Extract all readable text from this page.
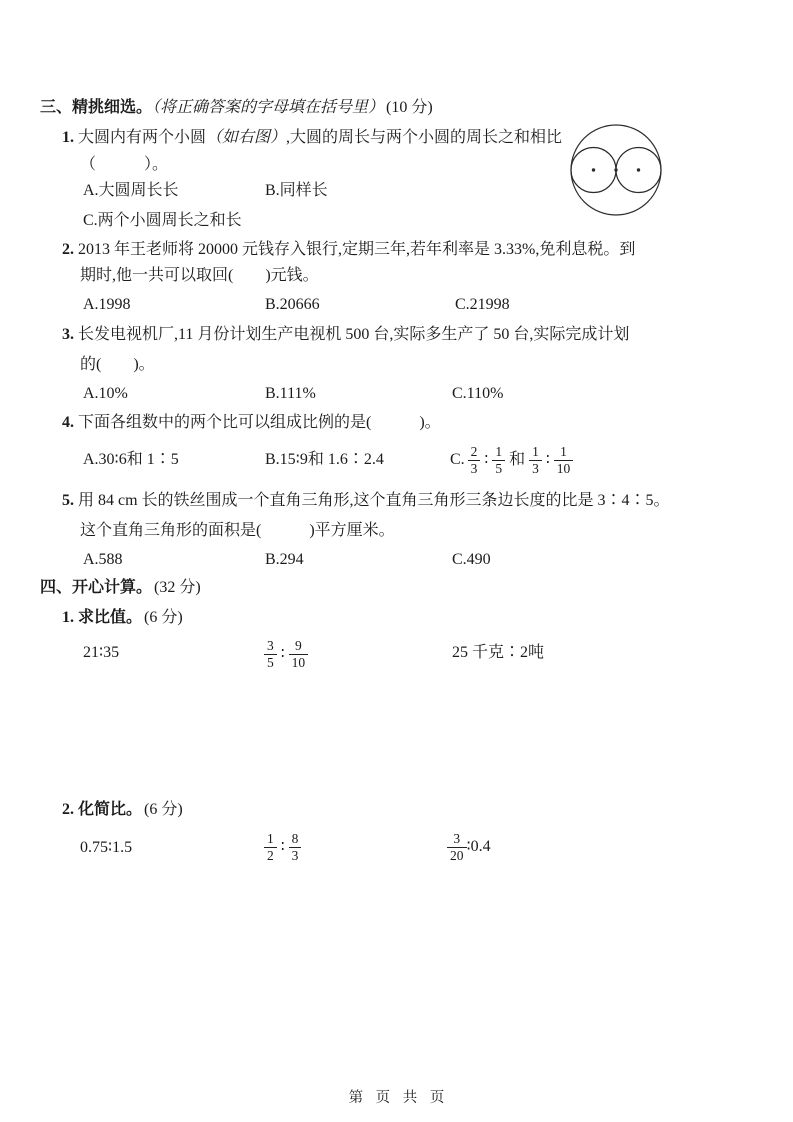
三、精挑细选。（将正确答案的字母填在括号里） (10 分)
1. 大圆内有两个小圆（如右图）,大圆的周长与两个小圆的周长之和相比
（　　　）。
A.大圆周长长	B.同样长
C.两个小圆周长之和长
2. 2013 年王老师将 20000 元钱存入银行,定期三年,若年利率是 3.33%,免利息税。到
期时,他一共可以取回(　　)元钱。
A.1998	B.20666	C.21998
3. 长发电视机厂,11 月份计划生产电视机 500 台,实际多生产了 50 台,实际完成计划
的(　　)。
A.10%	B.111%	C.110%
4. 下面各组数中的两个比可以组成比例的是(　　　)。
A.30∶6和 1∶5	B.15∶9和 1.6∶2.4	C. $\frac{2}{3}$ ∶ $\frac{1}{5}$ 和 $\frac{1}{3}$ ∶ $\frac{1}{10}$
5. 用 84 cm 长的铁丝围成一个直角三角形,这个直角三角形三条边长度的比是 3∶4∶5。
这个直角三角形的面积是(　　　)平方厘米。
A.588	B.294	C.490
四、开心计算。 (32 分)
1. 求比值。 (6 分)
21∶35	$\frac{3}{5}$ ∶ $\frac{9}{10}$	25 千克∶2吨
2. 化简比。 (6 分)
0.75∶1.5	$\frac{1}{2}$ ∶ $\frac{8}{3}$	$\frac{3}{20}$ ∶0.4
第 页 共 页
